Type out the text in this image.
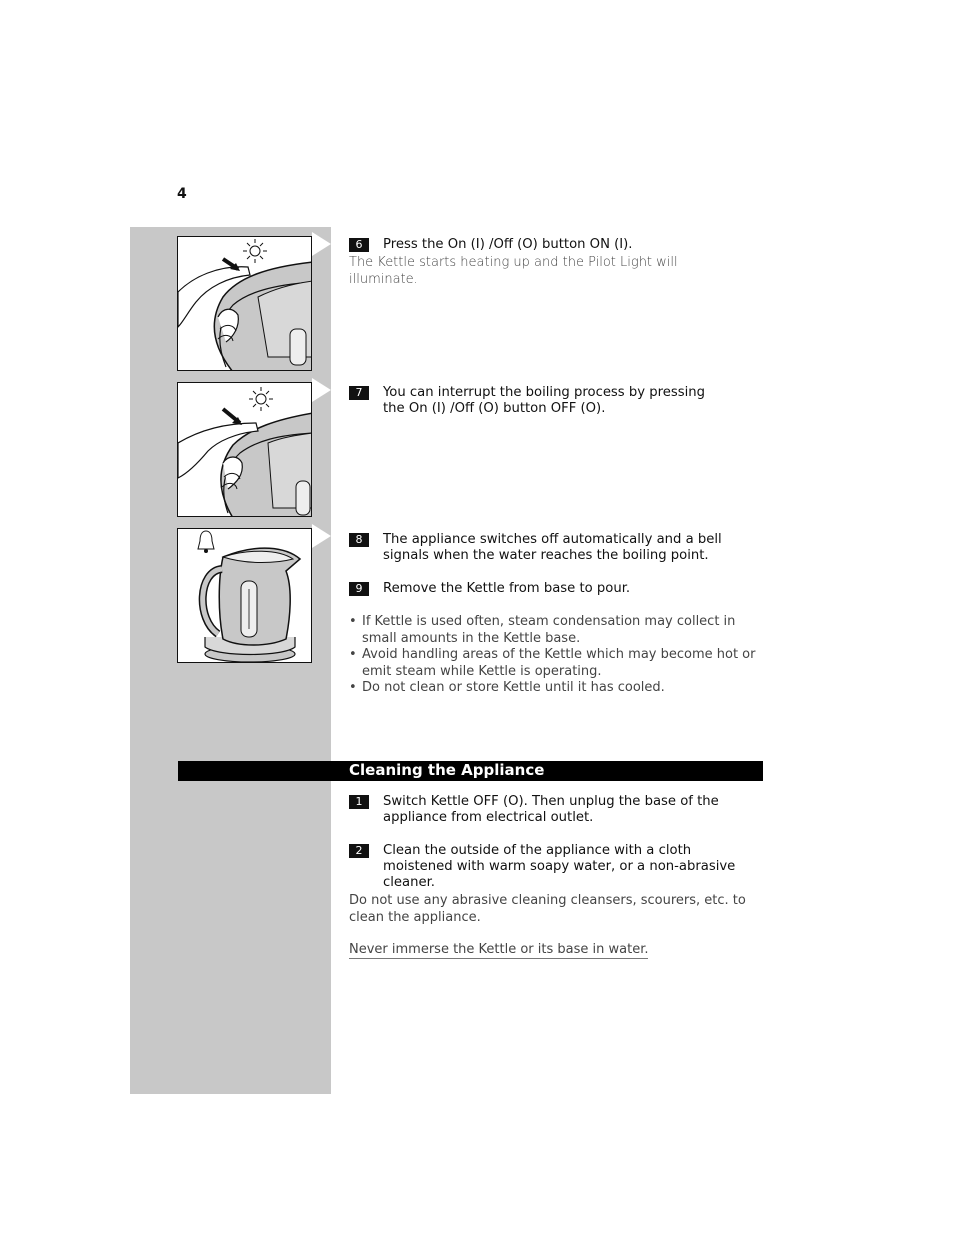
4
6	Press the On (I) /Off (O) button ON (I).
The Kettle starts heating up and the Pilot Light will illuminate.
7	You can interrupt the boiling process by pressing the On (I) /Off (O) button OFF (O).
8	The appliance switches off automatically and a bell signals when the water reaches the boiling point.
9	Remove the Kettle from base to pour.
• If Kettle is used often, steam condensation may collect in small amounts in the Kettle base.
• Avoid handling areas of the Kettle which may become hot or emit steam while Kettle is operating.
• Do not clean or store Kettle until it has cooled.
Cleaning the Appliance
1	Switch Kettle OFF (O). Then unplug the base of the appliance from electrical outlet.
2	Clean the outside of the appliance with a cloth moistened with warm soapy water, or a non-abrasive cleaner.
Do not use any abrasive cleaning cleansers, scourers, etc. to clean the appliance.
Never immerse the Kettle or its base in water.
